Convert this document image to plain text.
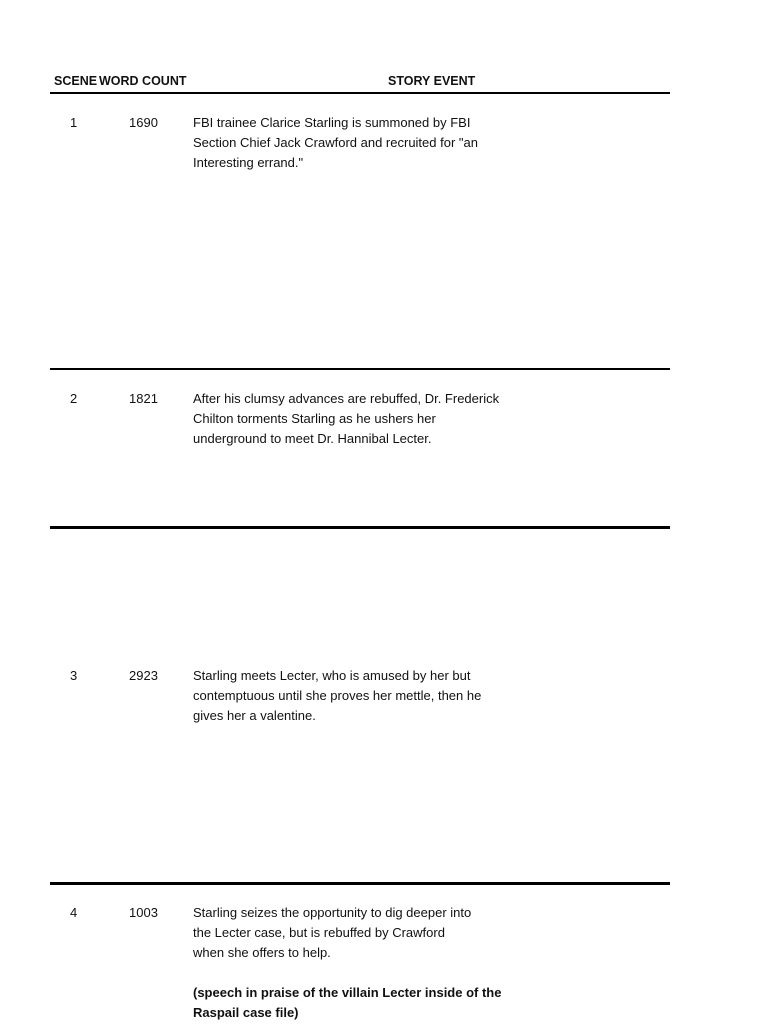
SCENE WORD COUNT	STORY EVENT
1	1690	FBI trainee Clarice Starling is summoned by FBI Section Chief Jack Crawford and recruited for "an Interesting errand."
2	1821	After his clumsy advances are rebuffed, Dr. Frederick Chilton torments Starling as he ushers her underground to meet Dr. Hannibal Lecter.
3	2923	Starling meets Lecter, who is amused by her but contemptuous until she proves her mettle, then he gives her a valentine.
4	1003	Starling seizes the opportunity to dig deeper into the Lecter case, but is rebuffed by Crawford when she offers to help.
(speech in praise of the villain Lecter inside of the Raspail case file)
